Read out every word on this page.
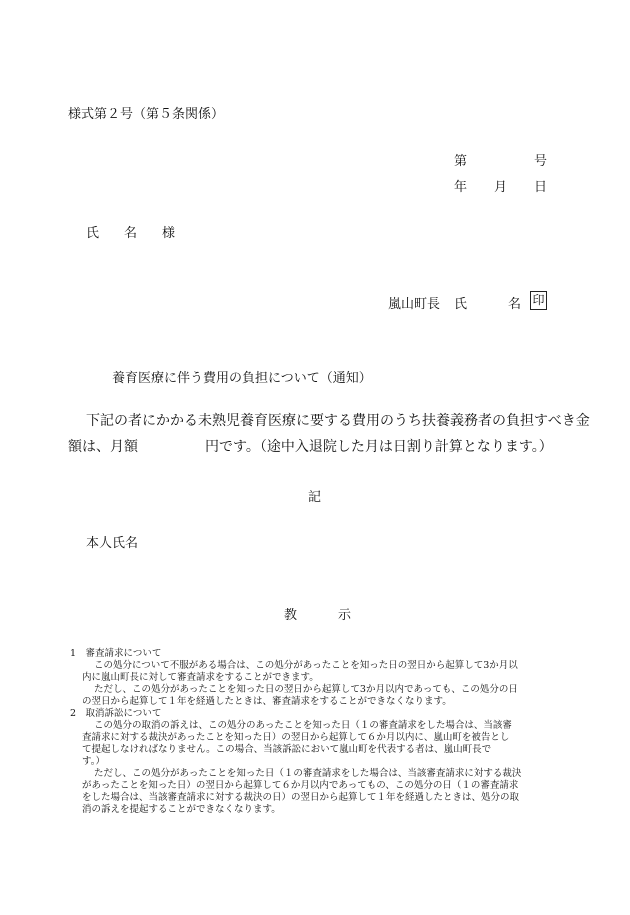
様式第２号（第５条関係）
第	号
年 月 日
氏 名 様
嵐山町長 氏	名 印
養育医療に伴う費用の負担について（通知）
下記の者にかかる未熟児養育医療に要する費用のうち扶養義務者の負担すべき金
額は、月額	円です。（途中入退院した月は日割り計算となります。）
記
本人氏名
教	示
1　審査請求について
この処分について不服がある場合は、この処分があったことを知った日の翌日から起算して3か月以
内に嵐山町長に対して審査請求をすることができます。
ただし、この処分があったことを知った日の翌日から起算して3か月以内であっても、この処分の日
の翌日から起算して１年を経過したときは、審査請求をすることができなくなります。
2　取消訴訟について
この処分の取消の訴えは、この処分のあったことを知った日（１の審査請求をした場合は、当該審
査請求に対する裁決があったことを知った日）の翌日から起算して６か月以内に、嵐山町を被告とし
て提起しなければなりません。この場合、当該訴訟において嵐山町を代表する者は、嵐山町長で
す。）
ただし、この処分があったことを知った日（１の審査請求をした場合は、当該審査請求に対する裁決
があったことを知った日）の翌日から起算して６か月以内であってもの、この処分の日（１の審査請求
をした場合は、当該審査請求に対する裁決の日）の翌日から起算して１年を経過したときは、処分の取
消の訴えを提起することができなくなります。
